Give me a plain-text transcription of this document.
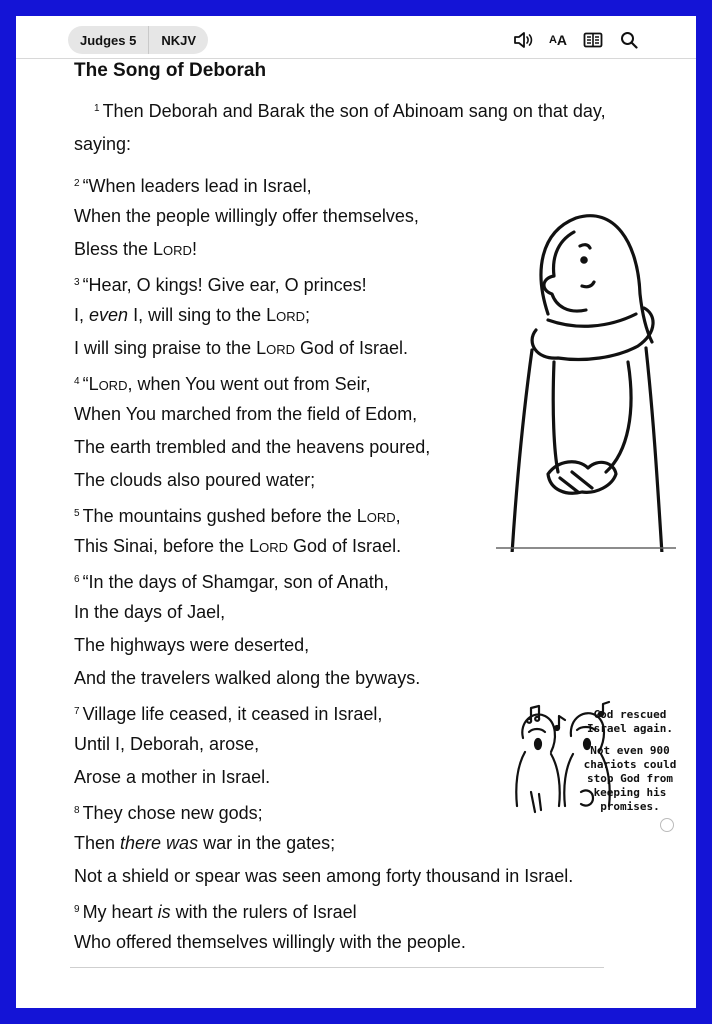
Judges 5	NKJV	A A
The Song of Deborah

$^1$ Then Deborah and Barak the son of Abinoam sang on that day, saying:

$^2$ “When leaders lead in Israel,
When the people willingly offer themselves,
Bless the Lord!
$^3$ “Hear, O kings! Give ear, O princes!
I, even I, will sing to the Lord;
I will sing praise to the Lord God of Israel.
$^4$ “Lord, when You went out from Seir,
When You marched from the field of Edom,
The earth trembled and the heavens poured,
The clouds also poured water;
$^5$ The mountains gushed before the Lord,
This Sinai, before the Lord God of Israel.
$^6$ “In the days of Shamgar, son of Anath,
In the days of Jael,
The highways were deserted,
And the travelers walked along the byways.
$^7$ Village life ceased, it ceased in Israel,
Until I, Deborah, arose,
Arose a mother in Israel.
$^8$ They chose new gods;
Then there was war in the gates;
Not a shield or spear was seen among forty thousand in Israel.
$^9$ My heart is with the rulers of Israel
Who offered themselves willingly with the people.

God rescued Israel again.

Not even 900 chariots could stop God from keeping his promises.
